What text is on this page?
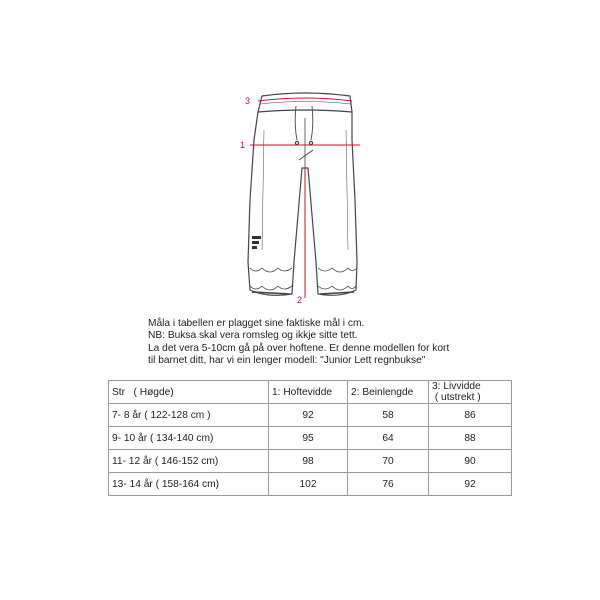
3
1
2
Måla i tabellen er plagget sine faktiske mål i cm.
NB: Buksa skal vera romsleg og ikkje sitte tett.
La det vera 5-10cm gå på over hoftene. Er denne modellen for kort
til barnet ditt, har vi ein lenger modell: "Junior Lett regnbukse"
Str   ( Høgde)	1: Hoftevidde	2: Beinlengde	3: Livvidde
( utstrekt )

7- 8 år ( 122-128 cm )	92	58	86
9- 10 år ( 134-140 cm)	95	64	88
11- 12 år ( 146-152 cm)	98	70	90
13- 14 år ( 158-164 cm)	102	76	92
